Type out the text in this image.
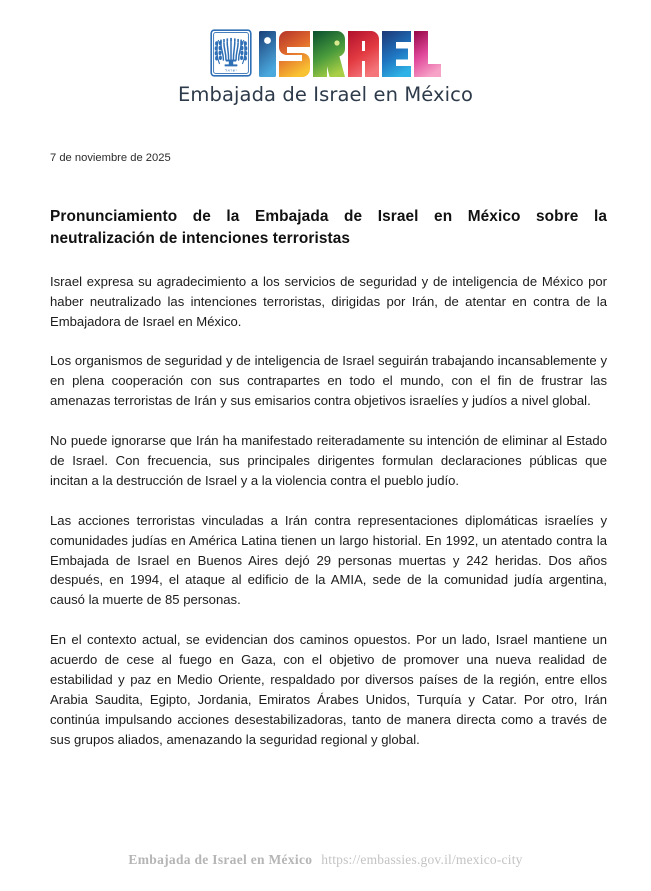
ישראל
Embajada de Israel en México

7 de noviembre de 2025

Pronunciamiento de la Embajada de Israel en México sobre la neutralización de intenciones terroristas

Israel expresa su agradecimiento a los servicios de seguridad y de inteligencia de México por haber neutralizado las intenciones terroristas, dirigidas por Irán, de atentar en contra de la Embajadora de Israel en México.

Los organismos de seguridad y de inteligencia de Israel seguirán trabajando incansablemente y en plena cooperación con sus contrapartes en todo el mundo, con el fin de frustrar las amenazas terroristas de Irán y sus emisarios contra objetivos israelíes y judíos a nivel global.

No puede ignorarse que Irán ha manifestado reiteradamente su intención de eliminar al Estado de Israel. Con frecuencia, sus principales dirigentes formulan declaraciones públicas que incitan a la destrucción de Israel y a la violencia contra el pueblo judío.

Las acciones terroristas vinculadas a Irán contra representaciones diplomáticas israelíes y comunidades judías en América Latina tienen un largo historial. En 1992, un atentado contra la Embajada de Israel en Buenos Aires dejó 29 personas muertas y 242 heridas. Dos años después, en 1994, el ataque al edificio de la AMIA, sede de la comunidad judía argentina, causó la muerte de 85 personas.

En el contexto actual, se evidencian dos caminos opuestos. Por un lado, Israel mantiene un acuerdo de cese al fuego en Gaza, con el objetivo de promover una nueva realidad de estabilidad y paz en Medio Oriente, respaldado por diversos países de la región, entre ellos Arabia Saudita, Egipto, Jordania, Emiratos Árabes Unidos, Turquía y Catar. Por otro, Irán continúa impulsando acciones desestabilizadoras, tanto de manera directa como a través de sus grupos aliados, amenazando la seguridad regional y global.

Embajada de Israel en México https://embassies.gov.il/mexico-city
